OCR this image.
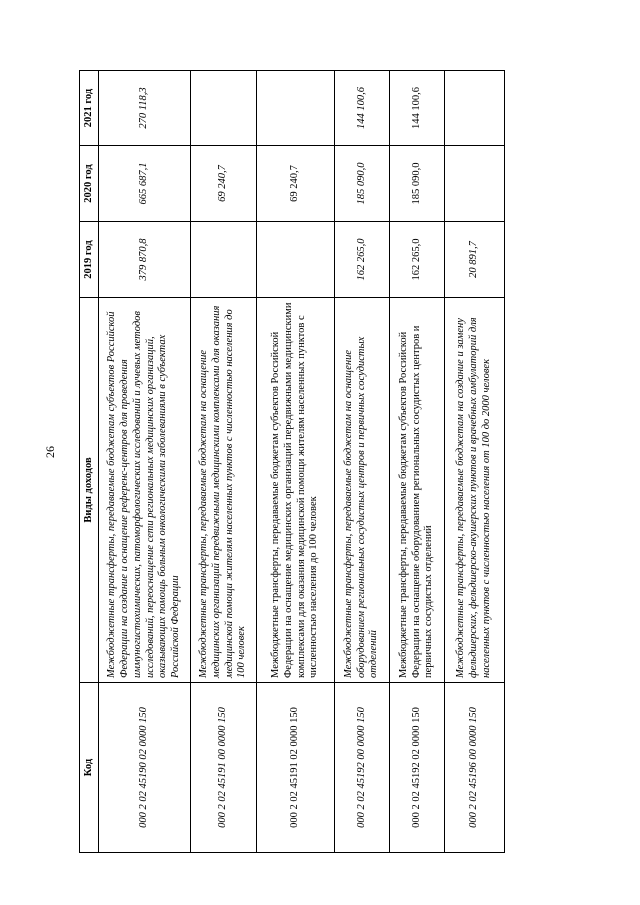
26
Код	Виды доходов	2019 год	2020 год	2021 год
000 2 02 45190 02 0000 150	Межбюджетные трансферты, передаваемые бюджетам субъектов Российской Федерации на создание и оснащение референс-центров для проведения иммуногистохимических, патоморфологических исследований и лучевых методов исследований, переоснащение сети региональных медицинских организаций, оказывающих помощь больным онкологическими заболеваниями в субъектах Российской Федерации	379 870,8	665 687,1	270 118,3
000 2 02 45191 00 0000 150	Межбюджетные трансферты, передаваемые бюджетам на оснащение медицинских организаций передвижными медицинскими комплексами для оказания медицинской помощи жителям населенных пунктов с численностью населения до 100 человек		69 240,7	
000 2 02 45191 02 0000 150	Межбюджетные трансферты, передаваемые бюджетам субъектов Российской Федерации на оснащение медицинских организаций передвижными медицинскими комплексами для оказания медицинской помощи жителям населенных пунктов с численностью населения до 100 человек		69 240,7	
000 2 02 45192 00 0000 150	Межбюджетные трансферты, передаваемые бюджетам на оснащение оборудованием региональных сосудистых центров и первичных сосудистых отделений	162 265,0	185 090,0	144 100,6
000 2 02 45192 02 0000 150	Межбюджетные трансферты, передаваемые бюджетам субъектов Российской Федерации на оснащение оборудованием региональных сосудистых центров и первичных сосудистых отделений	162 265,0	185 090,0	144 100,6
000 2 02 45196 00 0000 150	Межбюджетные трансферты, передаваемые бюджетам на создание и замену фельдшерских, фельдшерско-акушерских пунктов и врачебных амбулаторий для населенных пунктов с численностью населения от 100 до 2000 человек	20 891,7		
